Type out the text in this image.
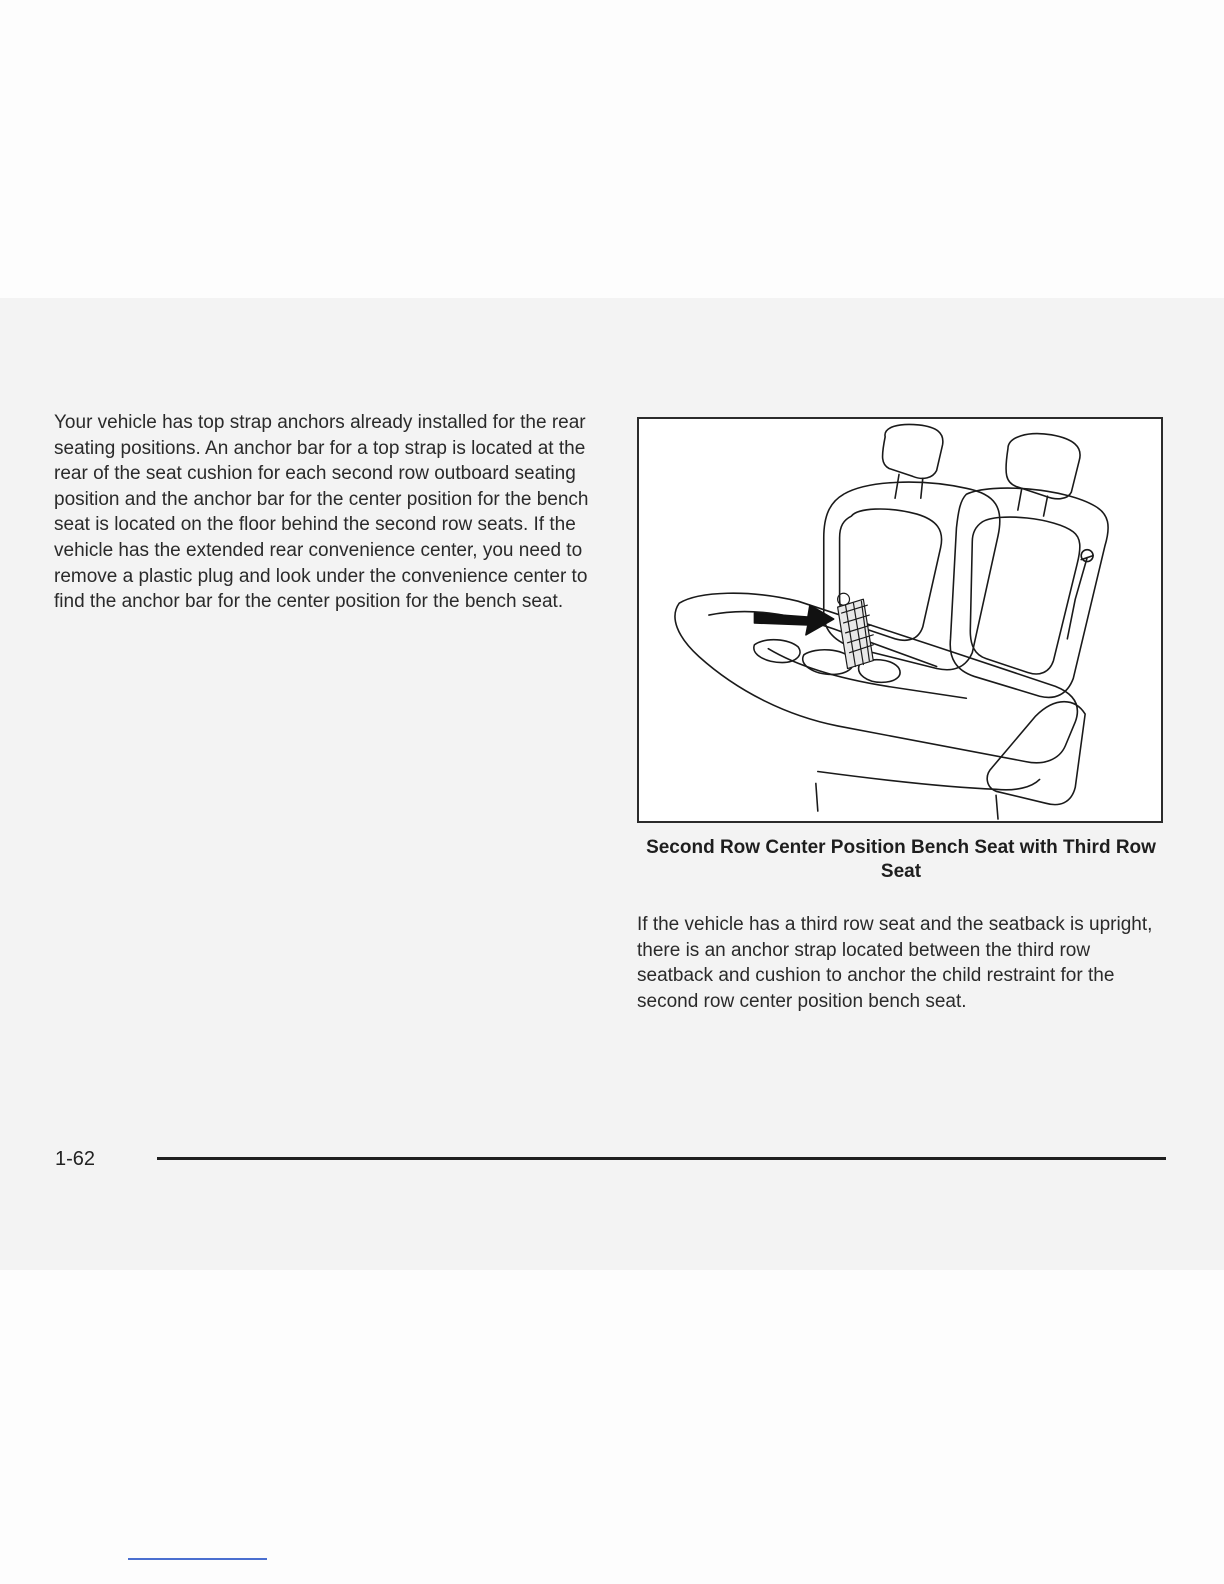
Your vehicle has top strap anchors already installed for the rear seating positions. An anchor bar for a top strap is located at the rear of the seat cushion for each second row outboard seating position and the anchor bar for the center position for the bench seat is located on the floor behind the second row seats. If the vehicle has the extended rear convenience center, you need to remove a plastic plug and look under the convenience center to find the anchor bar for the center position for the bench seat.

Second Row Center Position Bench Seat with Third Row Seat

If the vehicle has a third row seat and the seatback is upright, there is an anchor strap located between the third row seatback and cushion to anchor the child restraint for the second row center position bench seat.

1-62
